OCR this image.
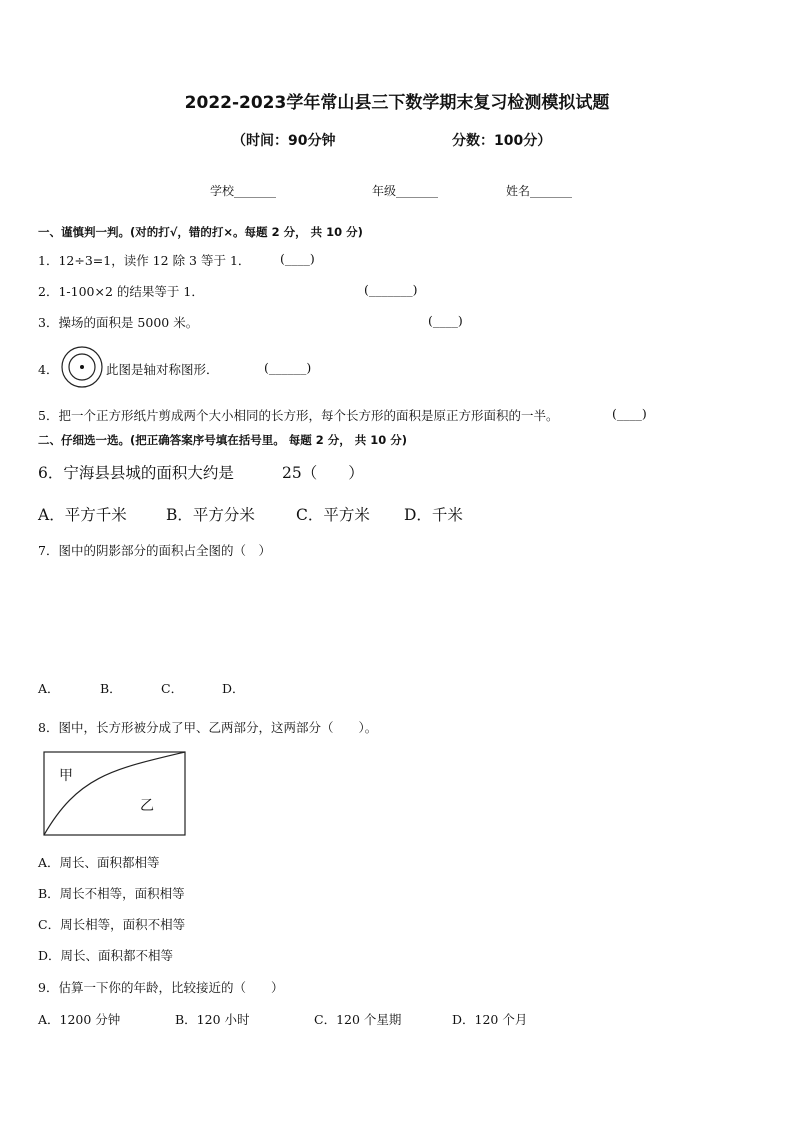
2022-2023学年常山县三下数学期末复习检测模拟试题
（时间：90分钟	分数：100分）
学校_______	年级_______	姓名_______
一、谨慎判一判。(对的打√，错的打×。每题 2 分， 共 10 分)
1．12÷3=1，读作 12 除 3 等于 1． (____)
2．1-100×2 的结果等于 1．	(_______)
3．操场的面积是 5000 米。	(____)
4．	此图是轴对称图形．	(______)
5．把一个正方形纸片剪成两个大小相同的长方形，每个长方形的面积是原正方形面积的一半。	(____)
二、仔细选一选。(把正确答案序号填在括号里。 每题 2 分， 共 10 分)
6．宁海县县城的面积大约是	25（　　）
A．平方千米	B．平方分米	C．平方米 D．千米
7．图中的阴影部分的面积占全图的（　）
A．	B．	C．	D．
8．图中，长方形被分成了甲、乙两部分，这两部分（　　）。
甲
乙
A．周长、面积都相等
B．周长不相等，面积相等
C．周长相等，面积不相等
D．周长、面积都不相等
9．估算一下你的年龄，比较接近的（　　）
A．1200 分钟	B．120 小时	C．120 个星期	D．120 个月
